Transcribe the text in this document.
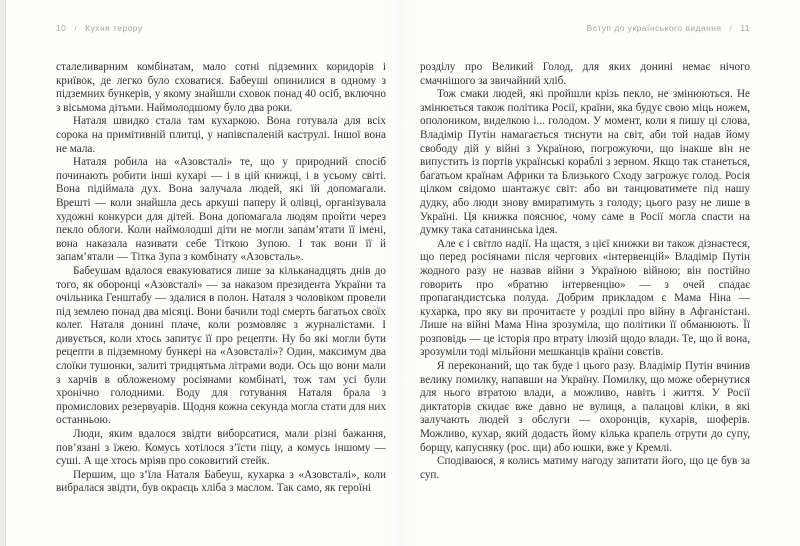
10 / Кухня терору

сталеливарним комбінатам, мало сотні підземних коридорів і криївок, де легко було сховатися. Бабеуші опинилися в одному з підземних бункерів, у якому знайшли сховок понад 40 осіб, включно з вісьмома дітьми. Наймолодшому було два роки.

Наталя швидко стала там кухаркою. Вона готувала для всіх сорока на примітивній плитці, у напівспаленій каструлі. Іншої вона не мала.

Наталя робила на «Азовсталі» те, що у природний спосіб починають робити інші кухарі — і в цій книжці, і в усьому світі. Вона підіймала дух. Вона залучала людей, які їй допомагали. Врешті — коли знайшла десь аркуші паперу й олівці, організувала художні конкурси для дітей. Вона допомагала людям пройти через пекло облоги. Коли наймолодші діти не могли запам’ятати її імені, вона наказала називати себе Тіткою Зупою. І так вони її й запам’ятали — Тітка Зупа з комбінату «Азовсталь».

Бабеушам вдалося евакуюватися лише за кільканадцять днів до того, як оборонці «Азовсталі» — за наказом президента України та очільника Генштабу — здалися в полон. Наталя з чоловіком провели під землею понад два місяці. Вони бачили тоді смерть багатьох своїх колег. Наталя донині плаче, коли розмовляє з журналістами. І дивується, коли хтось запитує її про рецепти. Ну бо які могли бути рецепти в підземному бункері на «Азовсталі»? Один, максимум два слоїки тушонки, залиті тридцятьма літрами води. Ось що вони мали з харчів в обложеному росіянами комбінаті, тож там усі були хронічно голодними. Воду для готування Наталя брала з промислових резервуарів. Щодня кожна секунда могла стати для них останньою.

Люди, яким вдалося звідти виборсатися, мали різні бажання, пов’язані з їжею. Комусь хотілося з’їсти піцу, а комусь іншому — суші. А ще хтось мріяв про соковитий стейк.

Першим, що з’їла Наталя Бабеуш, кухарка з «Азовсталі», коли вибралася звідти, був окраєць хліба з маслом. Так само, як героїні

Вступ до українського видання / 11

розділу про Великий Голод, для яких донині немає нічого смачнішого за звичайний хліб.

Тож смаки людей, які пройшли крізь пекло, не змінюються. Не змінюється також політика Росії, країни, яка будує свою міць ножем, ополоником, виделкою і... голодом. У момент, коли я пишу ці слова, Владімір Путін намагається тиснути на світ, аби той надав йому свободу дій у війні з Україною, погрожуючи, що інакше він не випустить із портів українські кораблі з зерном. Якщо так станеться, багатьом країнам Африки та Близького Сходу загрожує голод. Росія цілком свідомо шантажує світ: або ви танцюватимете під нашу дудку, або люди знову вмиратимуть з голоду; цього разу не лише в Україні. Ця книжка пояснює, чому саме в Росії могла спасти на думку така сатанинська ідея.

Але є і світло надії. На щастя, з цієї книжки ви також дізнаєтеся, що перед росіянами після чергових «інтервенцій» Владімір Путін жодного разу не назвав війни з Україною війною; він постійно говорить про «братню інтервенцію» — з очей спадає пропагандистська полуда. Добрим прикладом є Мама Ніна — кухарка, про яку ви прочитаєте у розділі про війну в Афганістані. Лише на війні Мама Ніна зрозуміла, що політики її обманюють. Її розповідь — це історія про втрату ілюзій щодо влади. Те, що й вона, зрозуміли тоді мільйони мешканців країни совєтів.

Я переконаний, що так буде і цього разу. Владімір Путін вчинив велику помилку, напавши на Україну. Помилку, що може обернутися для нього втратою влади, а можливо, навіть і життя. У Росії диктаторів скидає вже давно не вулиця, а палацові кліки, в які залучають людей з обслуги — охоронців, кухарів, шоферів. Можливо, кухар, який додасть йому кілька крапель отрути до супу, борщу, капусняку (рос. щи) або юшки, вже у Кремлі.

Сподіваюся, я колись матиму нагоду запитати його, що це був за суп.
